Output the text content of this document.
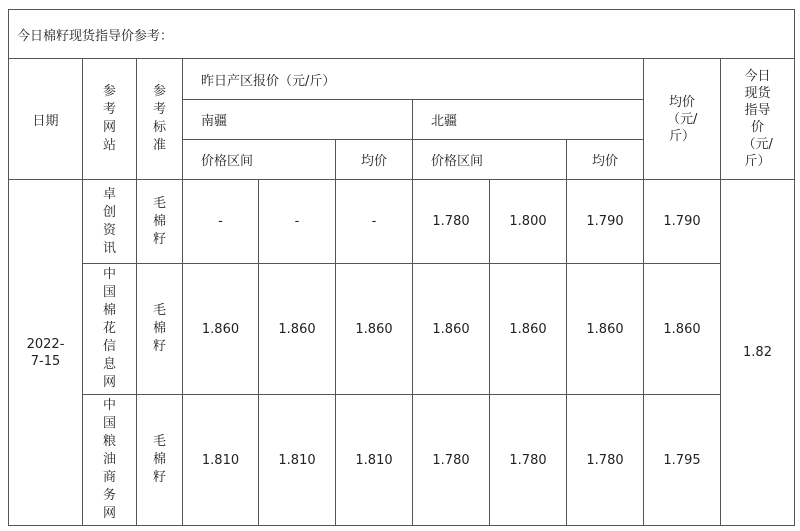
今日棉籽现货指导价参考：										
日期	参考网站	参考标准	昨日产区报价（元/斤）						均价（元/斤）	今日现货指导价（元/斤）
			南疆			北疆				
			价格区间		均价	价格区间		均价		
2022-7-15	卓创资讯	毛棉籽	-	-	-	1.780	1.800	1.790	1.790	1.82
	中国棉花信息网	毛棉籽	1.860	1.860	1.860	1.860	1.860	1.860	1.860	
	中国粮油商务网	毛棉籽	1.810	1.810	1.810	1.780	1.780	1.780	1.795	
